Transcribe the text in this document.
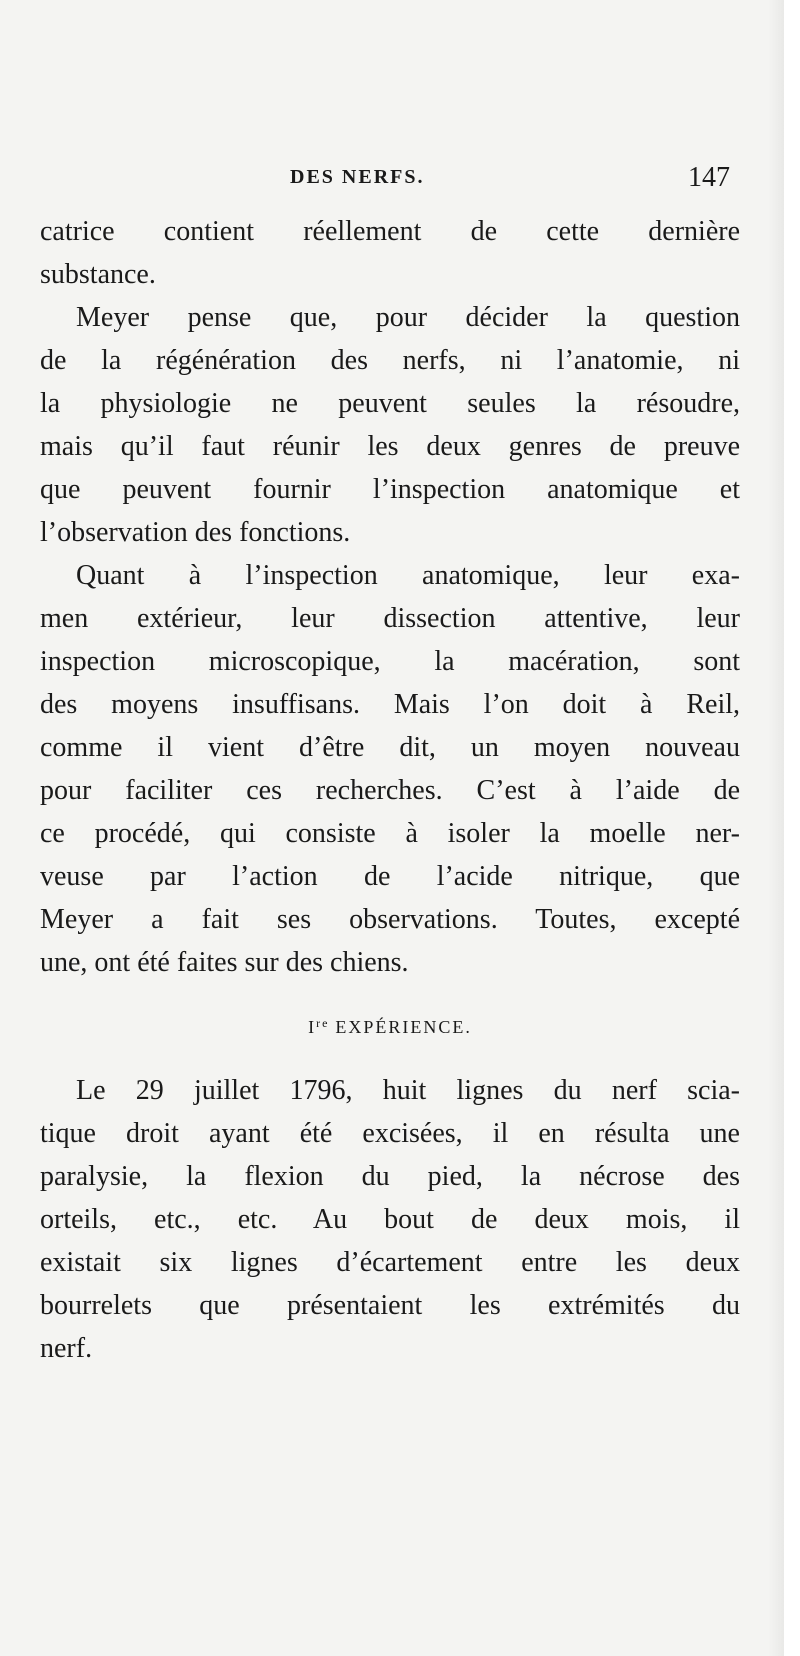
DES NERFS.	147
catrice contient réellement de cette dernière
substance.
Meyer pense que, pour décider la question
de la régénération des nerfs, ni l’anatomie, ni
la physiologie ne peuvent seules la résoudre,
mais qu’il faut réunir les deux genres de preuve
que peuvent fournir l’inspection anatomique et
l’observation des fonctions.
Quant à l’inspection anatomique, leur exa-
men extérieur, leur dissection attentive, leur
inspection microscopique, la macération, sont
des moyens insuffisans. Mais l’on doit à Reil,
comme il vient d’être dit, un moyen nouveau
pour faciliter ces recherches. C’est à l’aide de
ce procédé, qui consiste à isoler la moelle ner-
veuse par l’action de l’acide nitrique, que
Meyer a fait ses observations. Toutes, excepté
une, ont été faites sur des chiens.
Ire EXPÉRIENCE.
Le 29 juillet 1796, huit lignes du nerf scia-
tique droit ayant été excisées, il en résulta une
paralysie, la flexion du pied, la nécrose des
orteils, etc., etc. Au bout de deux mois, il
existait six lignes d’écartement entre les deux
bourrelets que présentaient les extrémités du
nerf.
